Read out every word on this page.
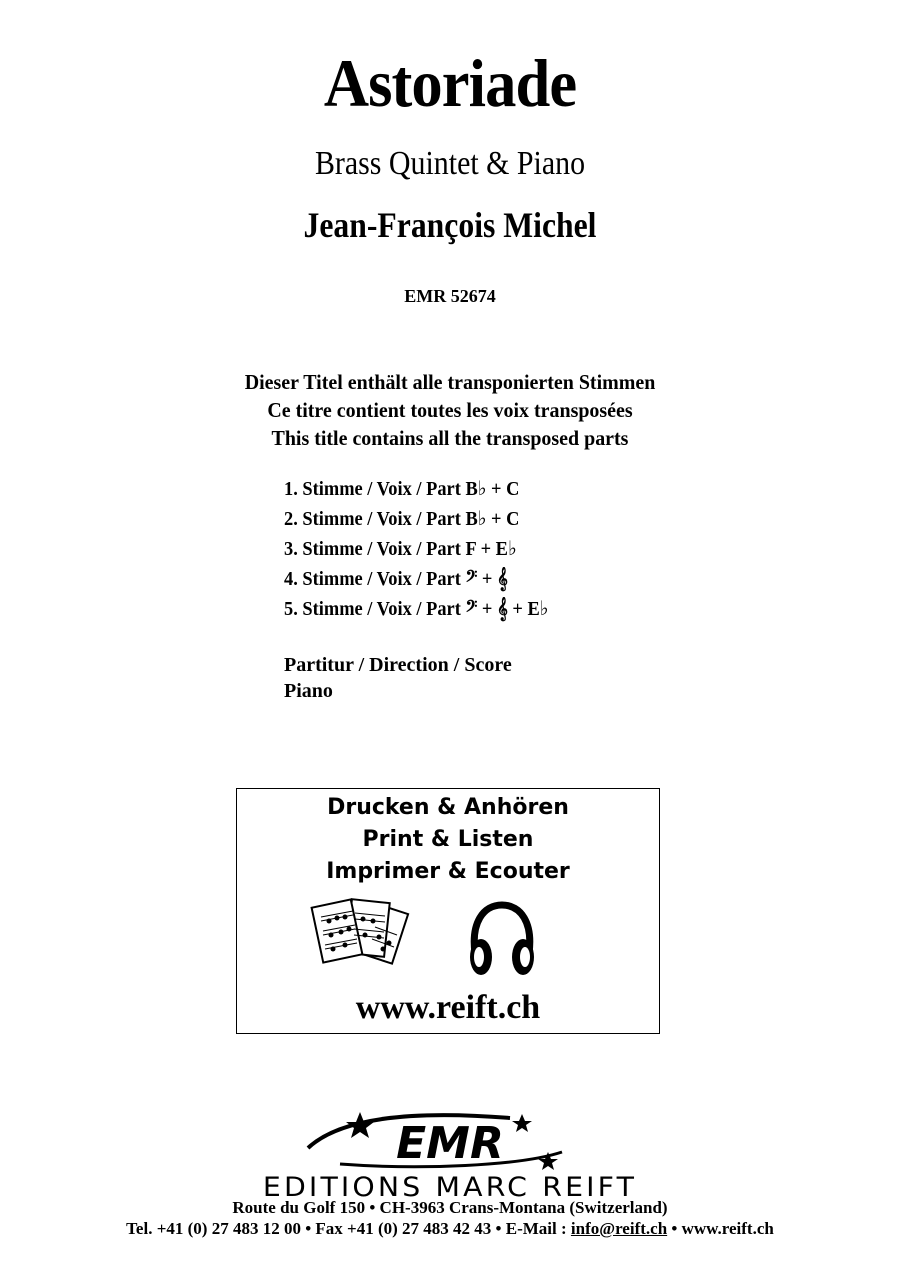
Astoriade
Brass Quintet & Piano
Jean-François Michel
EMR 52674
Dieser Titel enthält alle transponierten Stimmen
Ce titre contient toutes les voix transposées
This title contains all the transposed parts
1. Stimme / Voix / Part B♭ + C
2. Stimme / Voix / Part B♭ + C
3. Stimme / Voix / Part F + E♭
4. Stimme / Voix / Part 𝄢 + 𝄞
5. Stimme / Voix / Part 𝄢 + 𝄞 + E♭
Partitur / Direction / Score
Piano
Drucken & Anhören
Print & Listen
Imprimer & Ecouter
www.reift.ch
EMR
EDITIONS MARC REIFT
Route du Golf 150 • CH-3963 Crans-Montana (Switzerland)
Tel. +41 (0) 27 483 12 00 • Fax +41 (0) 27 483 42 43 • E-Mail : info@reift.ch • www.reift.ch
